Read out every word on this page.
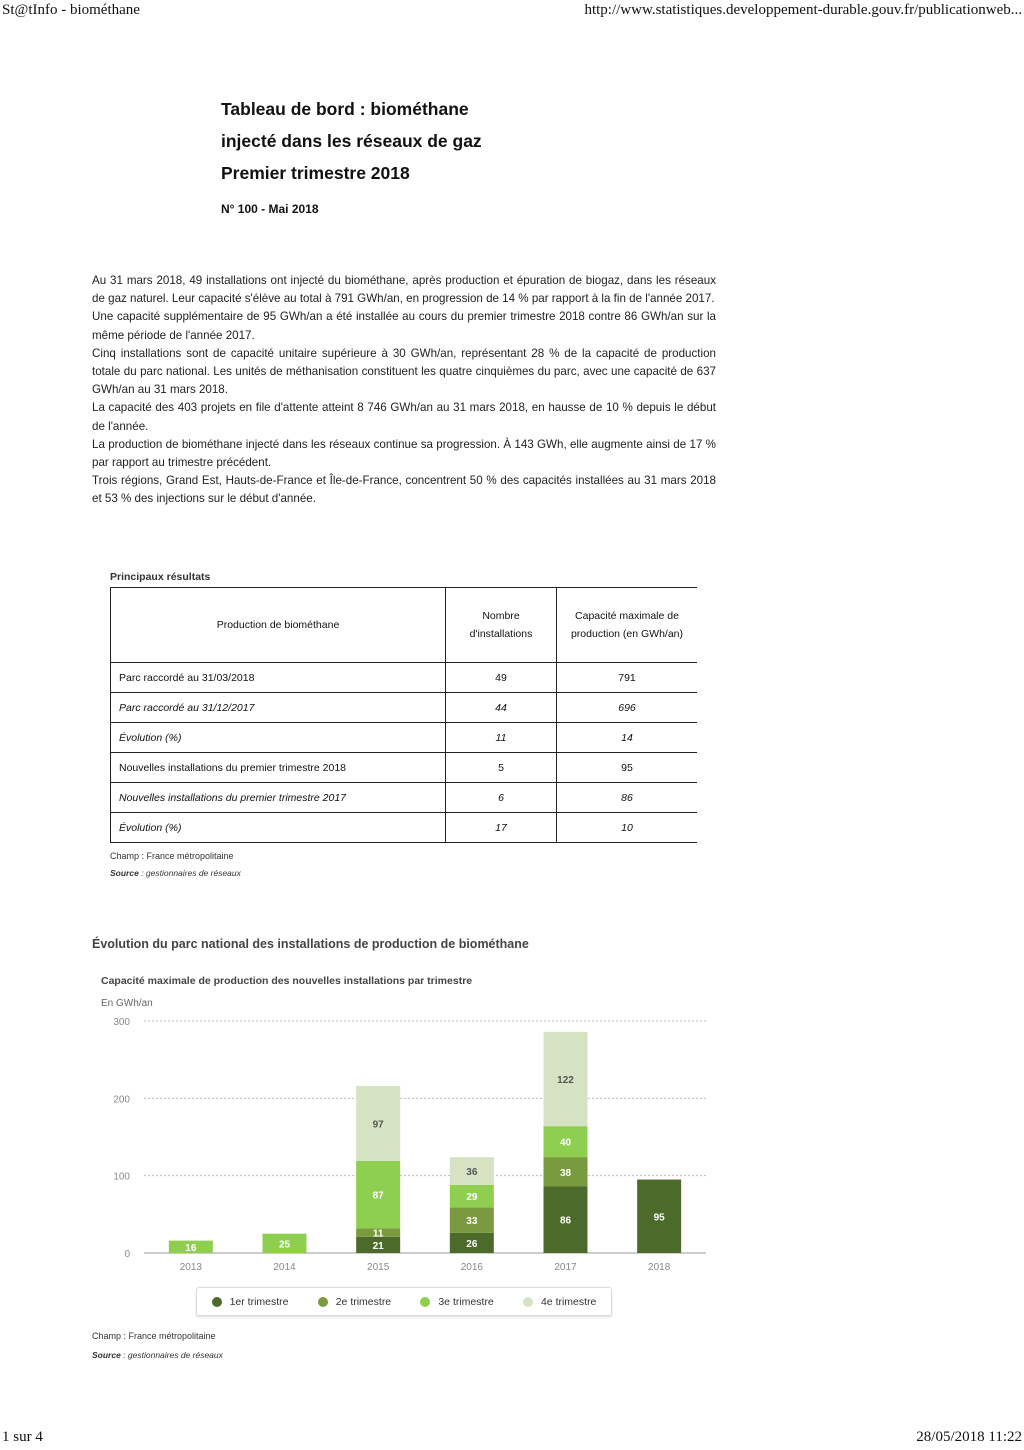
St@tInfo - biométhane	http://www.statistiques.developpement-durable.gouv.fr/publicationweb...
Tableau de bord : biométhane
injecté dans les réseaux de gaz
Premier trimestre 2018
N° 100 - Mai 2018

Au 31 mars 2018, 49 installations ont injecté du biométhane, après production et épuration de biogaz, dans les réseaux de gaz naturel. Leur capacité s'élève au total à 791 GWh/an, en progression de 14 % par rapport à la fin de l'année 2017.

Une capacité supplémentaire de 95 GWh/an a été installée au cours du premier trimestre 2018 contre 86 GWh/an sur la même période de l'année 2017.

Cinq installations sont de capacité unitaire supérieure à 30 GWh/an, représentant 28 % de la capacité de production totale du parc national. Les unités de méthanisation constituent les quatre cinquièmes du parc, avec une capacité de 637 GWh/an au 31 mars 2018.

La capacité des 403 projets en file d'attente atteint 8 746 GWh/an au 31 mars 2018, en hausse de 10 % depuis le début de l'année.

La production de biométhane injecté dans les réseaux continue sa progression. À 143 GWh, elle augmente ainsi de 17 % par rapport au trimestre précédent.

Trois régions, Grand Est, Hauts-de-France et Île-de-France, concentrent 50 % des capacités installées au 31 mars 2018 et 53 % des injections sur le début d'année.

Principaux résultats
Production de biométhane	Nombre d'installations	Capacité maximale de production (en GWh/an)
Parc raccordé au 31/03/2018	49	791
Parc raccordé au 31/12/2017	44	696
Évolution (%)	11	14
Nouvelles installations du premier trimestre 2018	5	95
Nouvelles installations du premier trimestre 2017	6	86
Évolution (%)	17	10
Champ : France métropolitaine
Source : gestionnaires de réseaux
Évolution du parc national des installations de production de biométhane
Capacité maximale de production des nouvelles installations par trimestre
En GWh/an
0
100
200
300
16
2013
25
2014
21
11
87
97
2015
26
33
29
36
2016
86
38
40
122
2017
95
2018
1er trimestre	2e trimestre	3e trimestre	4e trimestre
Champ : France métropolitaine
Source : gestionnaires de réseaux
1 sur 4	28/05/2018 11:22
